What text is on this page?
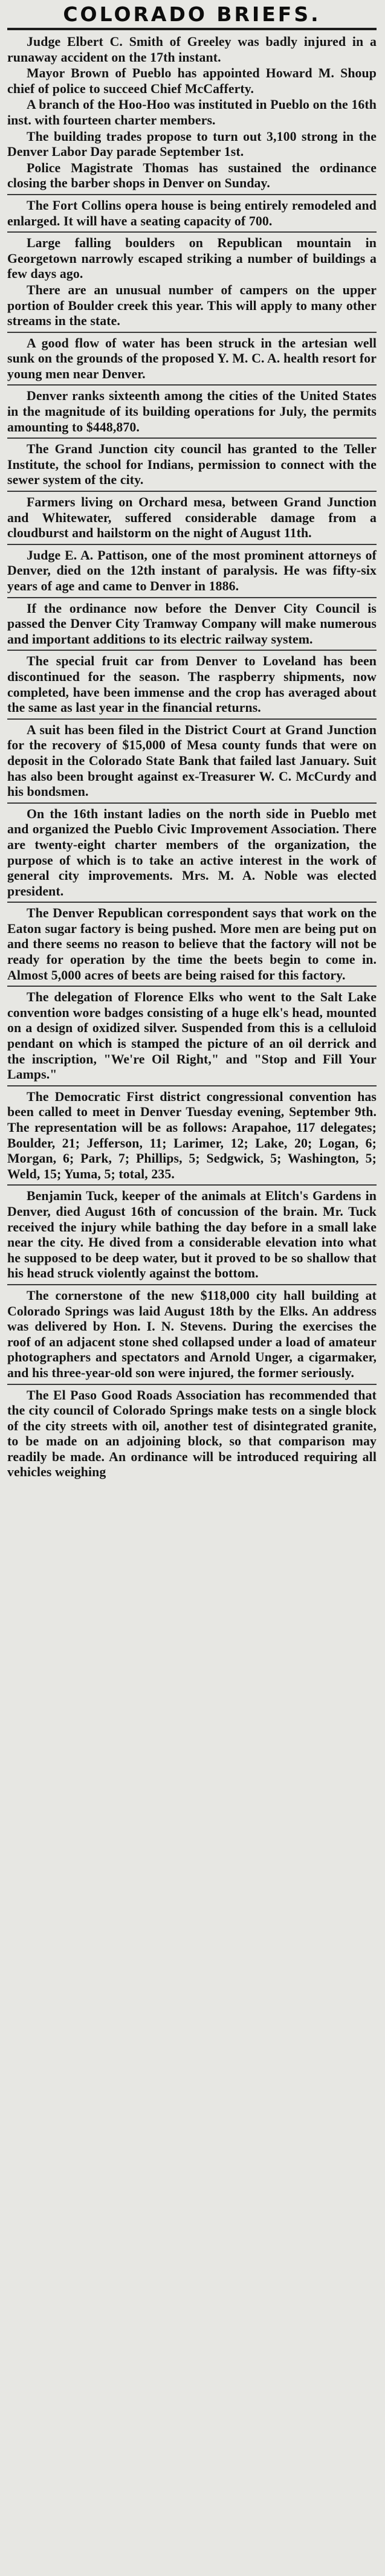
COLORADO BRIEFS.

Judge Elbert C. Smith of Greeley was badly injured in a runaway accident on the 17th instant.

Mayor Brown of Pueblo has appointed Howard M. Shoup chief of police to succeed Chief McCafferty.

A branch of the Hoo-Hoo was instituted in Pueblo on the 16th inst. with fourteen charter members.

The building trades propose to turn out 3,100 strong in the Denver Labor Day parade September 1st.

Police Magistrate Thomas has sustained the ordinance closing the barber shops in Denver on Sunday.

The Fort Collins opera house is being entirely remodeled and enlarged. It will have a seating capacity of 700.

Large falling boulders on Republican mountain in Georgetown narrowly escaped striking a number of buildings a few days ago.

There are an unusual number of campers on the upper portion of Boulder creek this year. This will apply to many other streams in the state.

A good flow of water has been struck in the artesian well sunk on the grounds of the proposed Y. M. C. A. health resort for young men near Denver.

Denver ranks sixteenth among the cities of the United States in the magnitude of its building operations for July, the permits amounting to $448,870.

The Grand Junction city council has granted to the Teller Institute, the school for Indians, permission to connect with the sewer system of the city.

Farmers living on Orchard mesa, between Grand Junction and Whitewater, suffered considerable damage from a cloudburst and hailstorm on the night of August 11th.

Judge E. A. Pattison, one of the most prominent attorneys of Denver, died on the 12th instant of paralysis. He was fifty-six years of age and came to Denver in 1886.

If the ordinance now before the Denver City Council is passed the Denver City Tramway Company will make numerous and important additions to its electric railway system.

The special fruit car from Denver to Loveland has been discontinued for the season. The raspberry shipments, now completed, have been immense and the crop has averaged about the same as last year in the financial returns.

A suit has been filed in the District Court at Grand Junction for the recovery of $15,000 of Mesa county funds that were on deposit in the Colorado State Bank that failed last January. Suit has also been brought against ex-Treasurer W. C. McCurdy and his bondsmen.

On the 16th instant ladies on the north side in Pueblo met and organized the Pueblo Civic Improvement Association. There are twenty-eight charter members of the organization, the purpose of which is to take an active interest in the work of general city improvements. Mrs. M. A. Noble was elected president.

The Denver Republican correspondent says that work on the Eaton sugar factory is being pushed. More men are being put on and there seems no reason to believe that the factory will not be ready for operation by the time the beets begin to come in. Almost 5,000 acres of beets are being raised for this factory.

The delegation of Florence Elks who went to the Salt Lake convention wore badges consisting of a huge elk's head, mounted on a design of oxidized silver. Suspended from this is a celluloid pendant on which is stamped the picture of an oil derrick and the inscription, "We're Oil Right," and "Stop and Fill Your Lamps."

The Democratic First district congressional convention has been called to meet in Denver Tuesday evening, September 9th. The representation will be as follows: Arapahoe, 117 delegates; Boulder, 21; Jefferson, 11; Larimer, 12; Lake, 20; Logan, 6; Morgan, 6; Park, 7; Phillips, 5; Sedgwick, 5; Washington, 5; Weld, 15; Yuma, 5; total, 235.

Benjamin Tuck, keeper of the animals at Elitch's Gardens in Denver, died August 16th of concussion of the brain. Mr. Tuck received the injury while bathing the day before in a small lake near the city. He dived from a considerable elevation into what he supposed to be deep water, but it proved to be so shallow that his head struck violently against the bottom.

The cornerstone of the new $118,000 city hall building at Colorado Springs was laid August 18th by the Elks. An address was delivered by Hon. I. N. Stevens. During the exercises the roof of an adjacent stone shed collapsed under a load of amateur photographers and spectators and Arnold Unger, a cigarmaker, and his three-year-old son were injured, the former seriously.

The El Paso Good Roads Association has recommended that the city council of Colorado Springs make tests on a single block of the city streets with oil, another test of disintegrated granite, to be made on an adjoining block, so that comparison may readily be made. An ordinance will be introduced requiring all vehicles weighing
